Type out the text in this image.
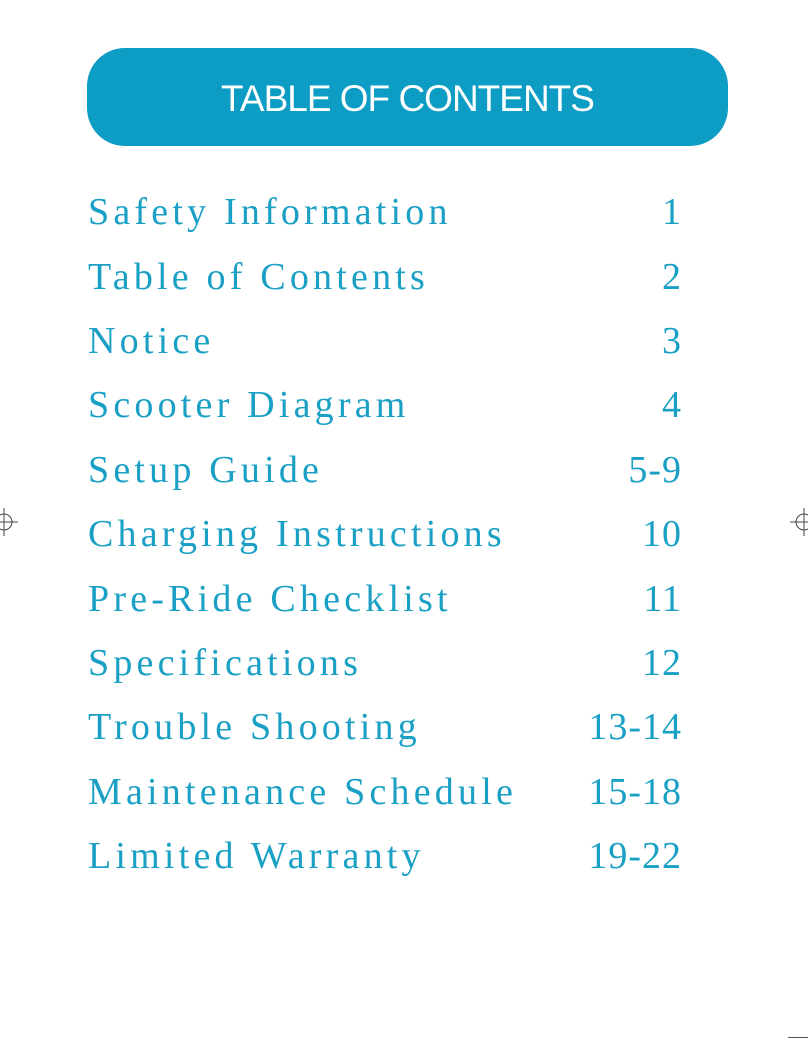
TABLE OF CONTENTS
Safety Information	1
Table of Contents	2
Notice	3
Scooter Diagram	4
Setup Guide	5-9
Charging Instructions	10
Pre-Ride Checklist	11
Specifications	12
Trouble Shooting	13-14
Maintenance Schedule 15-18
Limited Warranty	19-22
